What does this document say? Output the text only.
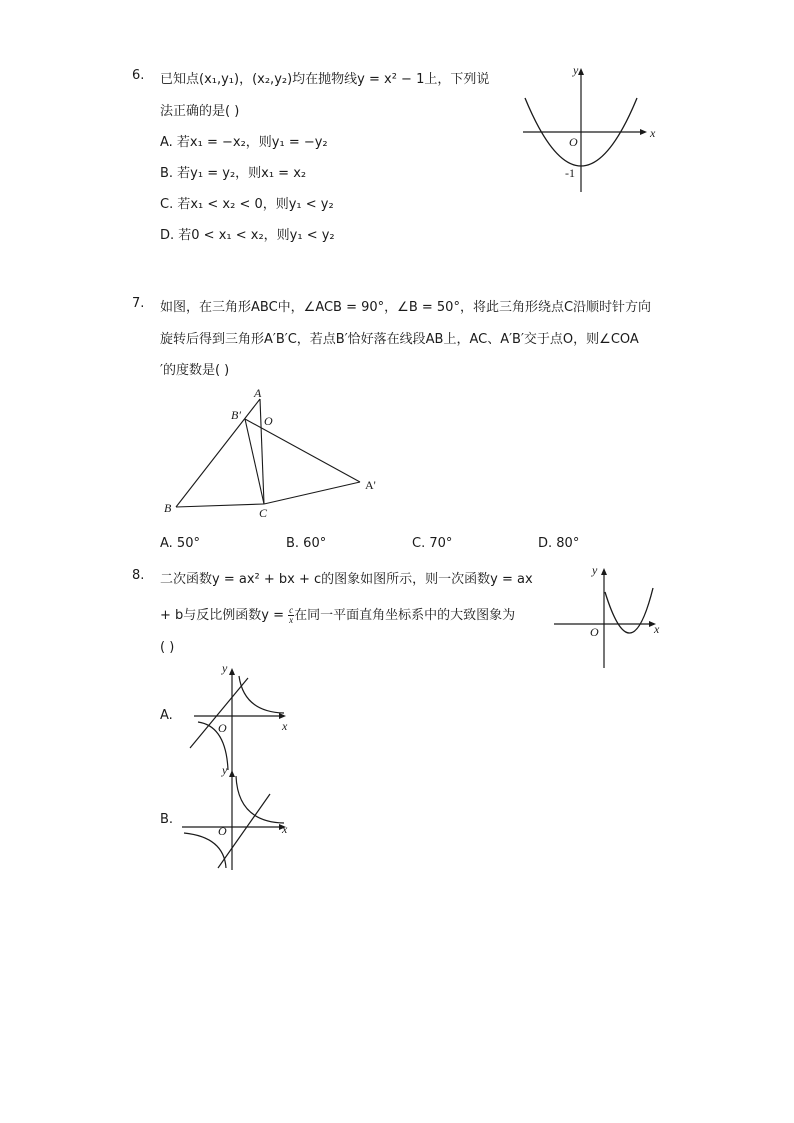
6. 已知点(x₁,y₁)，(x₂,y₂)均在抛物线y = x² − 1上，下列说
法正确的是( )
A. 若x₁ = −x₂，则y₁ = −y₂
B. 若y₁ = y₂，则x₁ = x₂
C. 若x₁ < x₂ < 0，则y₁ < y₂
D. 若0 < x₁ < x₂，则y₁ < y₂
x
y
O
-1
7. 如图，在三角形ABC中，∠ACB = 90°，∠B = 50°，将此三角形绕点C沿顺时针方向
旋转后得到三角形A′B′C，若点B′恰好落在线段AB上，AC、A′B′交于点O，则∠COA
′的度数是( )
A
B′ O
B	C
A'
A. 50°	B. 60°	C. 70°	D. 80°
8. 二次函数y = ax² + bx + c的图象如图所示，则一次函数y = ax
+ b与反比例函数$y = \frac{c}{x}$ 在同一平面直角坐标系中的大致图象为
( )
x
y
O
A.
x
y
O
B.
x
y
O
